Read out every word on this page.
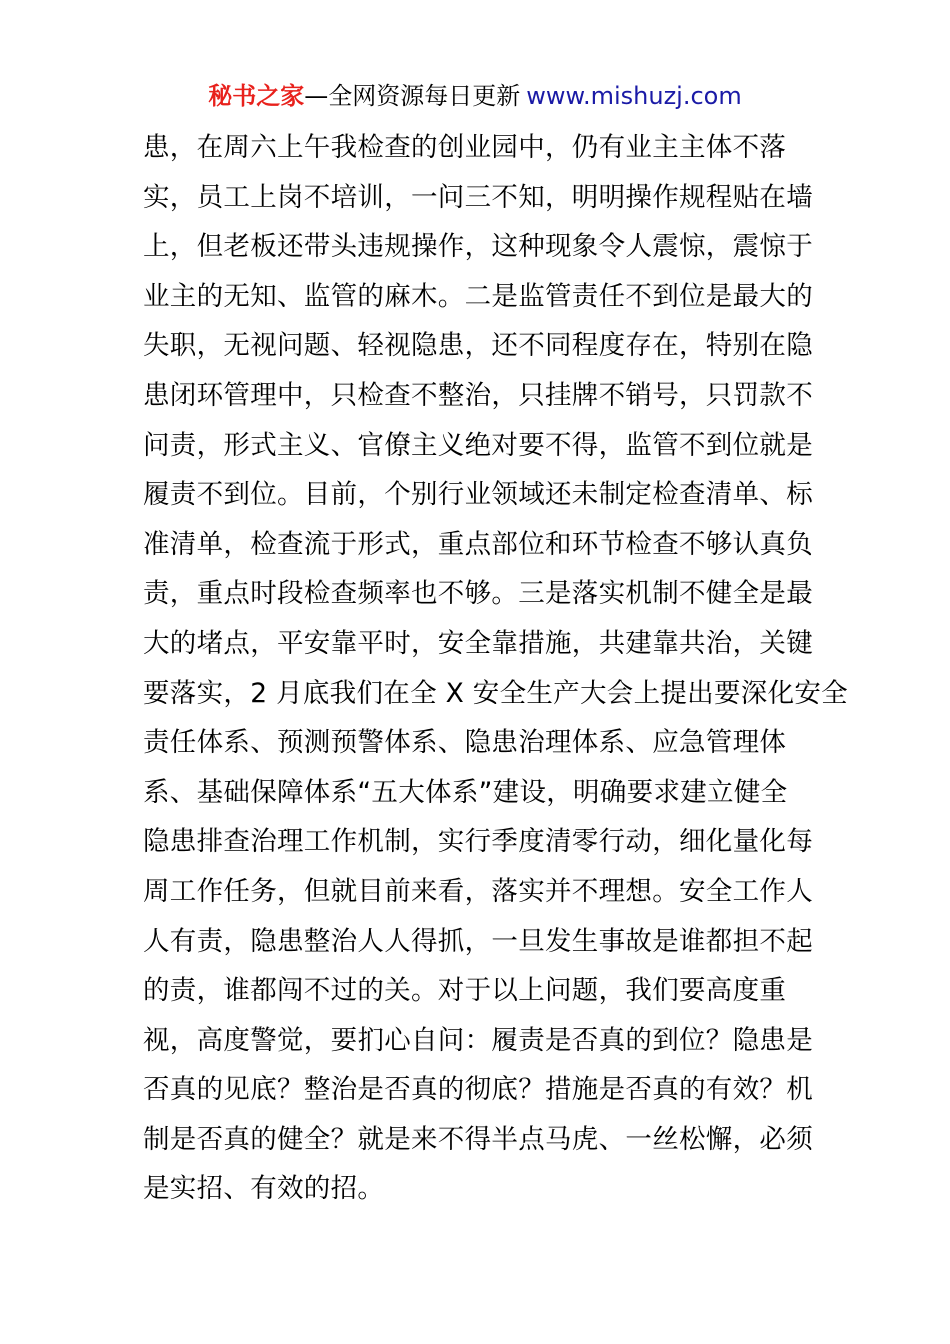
秘书之家—全网资源每日更新 www.mishuzj.com
患，在周六上午我检查的创业园中，仍有业主主体不落
实，员工上岗不培训，一问三不知，明明操作规程贴在墙
上，但老板还带头违规操作，这种现象令人震惊，震惊于
业主的无知、监管的麻木。二是监管责任不到位是最大的
失职，无视问题、轻视隐患，还不同程度存在，特别在隐
患闭环管理中，只检查不整治，只挂牌不销号，只罚款不
问责，形式主义、官僚主义绝对要不得，监管不到位就是
履责不到位。目前，个别行业领域还未制定检查清单、标
准清单，检查流于形式，重点部位和环节检查不够认真负
责，重点时段检查频率也不够。三是落实机制不健全是最
大的堵点，平安靠平时，安全靠措施，共建靠共治，关键
要落实，2 月底我们在全 X 安全生产大会上提出要深化安全
责任体系、预测预警体系、隐患治理体系、应急管理体
系、基础保障体系“五大体系”建设，明确要求建立健全
隐患排查治理工作机制，实行季度清零行动，细化量化每
周工作任务，但就目前来看，落实并不理想。安全工作人
人有责，隐患整治人人得抓，一旦发生事故是谁都担不起
的责，谁都闯不过的关。对于以上问题，我们要高度重
视，高度警觉，要扪心自问：履责是否真的到位？隐患是
否真的见底？整治是否真的彻底？措施是否真的有效？机
制是否真的健全？就是来不得半点马虎、一丝松懈，必须
是实招、有效的招。
